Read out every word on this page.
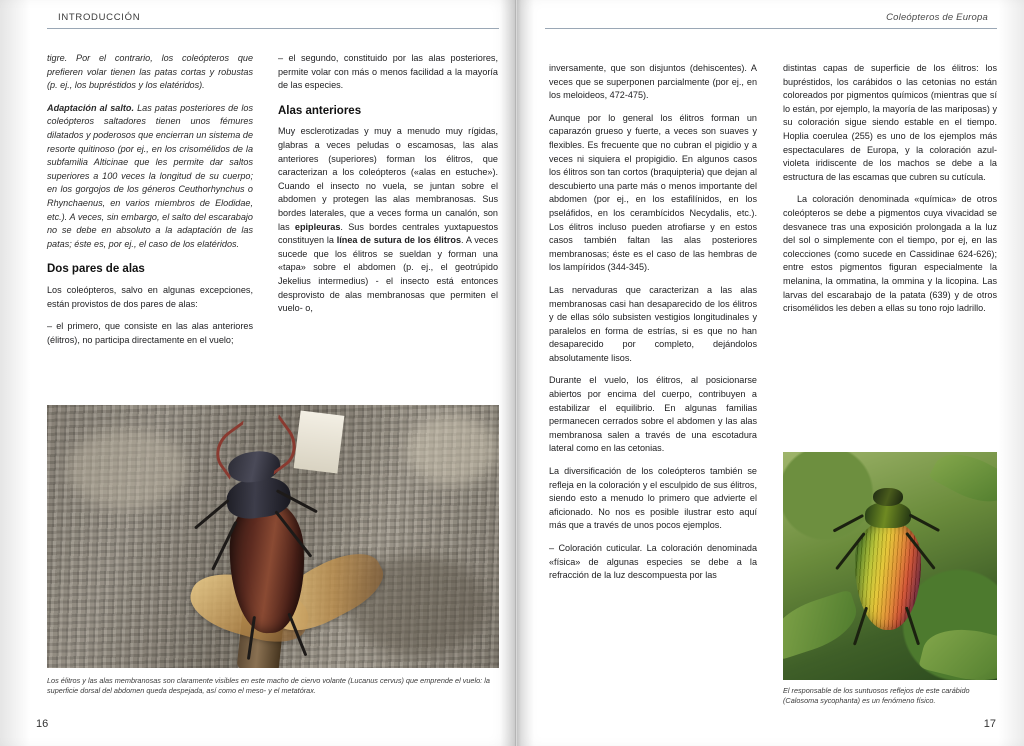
INTRODUCCIÓN	Coleópteros de Europa

tigre. Por el contrario, los coleópteros que prefieren volar tienen las patas cortas y robustas (p. ej., los bupréstidos y los elatéridos).

Adaptación al salto. Las patas posteriores de los coleópteros saltadores tienen unos fémures dilatados y poderosos que encierran un sistema de resorte quitinoso (por ej., en los crisomélidos de la subfamilia Alticinae que les permite dar saltos superiores a 100 veces la longitud de su cuerpo; en los gorgojos de los géneros Ceuthorhynchus o Rhynchaenus, en varios miembros de Elodidae, etc.). A veces, sin embargo, el salto del escarabajo no se debe en absoluto a la adaptación de las patas; éste es, por ej., el caso de los elatéridos.

Dos pares de alas

Los coleópteros, salvo en algunas excepciones, están provistos de dos pares de alas:

– el primero, que consiste en las alas anteriores (élitros), no participa directamente en el vuelo;

– el segundo, constituido por las alas posteriores, permite volar con más o menos facilidad a la mayoría de las especies.

Alas anteriores

Muy esclerotizadas y muy a menudo muy rígidas, glabras a veces peludas o escamosas, las alas anteriores (superiores) forman los élitros, que caracterizan a los coleópteros («alas en estuche»). Cuando el insecto no vuela, se juntan sobre el abdomen y protegen las alas membranosas. Sus bordes laterales, que a veces forma un canalón, son las epipleuras. Sus bordes centrales yuxtapuestos constituyen la línea de sutura de los élitros. A veces sucede que los élitros se sueldan y forman una «tapa» sobre el abdomen (p. ej., el geotrúpido Jekelius intermedius) - el insecto está entonces desprovisto de alas membranosas que permiten el vuelo- o,

Los élitros y las alas membranosas son claramente visibles en este macho de ciervo volante (Lucanus cervus) que emprende el vuelo: la superficie dorsal del abdomen queda despejada, así como el meso- y el metatórax.

inversamente, que son disjuntos (dehiscentes). A veces que se superponen parcialmente (por ej., en los meloideos, 472-475).

Aunque por lo general los élitros forman un caparazón grueso y fuerte, a veces son suaves y flexibles. Es frecuente que no cubran el pigidio y a veces ni siquiera el propigidio. En algunos casos los élitros son tan cortos (braquipteria) que dejan al descubierto una parte más o menos importante del abdomen (por ej., en los estafilínidos, en los pseláfidos, en los cerambícidos Necydalis, etc.). Los élitros incluso pueden atrofiarse y en estos casos también faltan las alas posteriores membranosas; éste es el caso de las hembras de los lampíridos (344-345).

Las nervaduras que caracterizan a las alas membranosas casi han desaparecido de los élitros y de ellas sólo subsisten vestigios longitudinales y paralelos en forma de estrías, si es que no han desaparecido por completo, dejándolos absolutamente lisos.

Durante el vuelo, los élitros, al posicionarse abiertos por encima del cuerpo, contribuyen a estabilizar el equilibrio. En algunas familias permanecen cerrados sobre el abdomen y las alas membranosa salen a través de una escotadura lateral como en las cetonias.

La diversificación de los coleópteros también se refleja en la coloración y el esculpido de sus élitros, siendo esto a menudo lo primero que advierte el aficionado. No nos es posible ilustrar esto aquí más que a través de unos pocos ejemplos.

– Coloración cuticular. La coloración denominada «física» de algunas especies se debe a la refracción de la luz descompuesta por las

distintas capas de superficie de los élitros: los bupréstidos, los carábidos o las cetonias no están coloreados por pigmentos químicos (mientras que sí lo están, por ejemplo, la mayoría de las mariposas) y su coloración sigue siendo estable en el tiempo. Hoplia coerulea (255) es uno de los ejemplos más espectaculares de Europa, y la coloración azul-violeta iridiscente de los machos se debe a la estructura de las escamas que cubren su cutícula.

La coloración denominada «química» de otros coleópteros se debe a pigmentos cuya vivacidad se desvanece tras una exposición prolongada a la luz del sol o simplemente con el tiempo, por ej, en las colecciones (como sucede en Cassidinae 624-626); entre estos pigmentos figuran especialmente la melanina, la ommatina, la ommina y la licopina. Las larvas del escarabajo de la patata (639) y de otros crisomélidos les deben a ellas su tono rojo ladrillo.

El responsable de los suntuosos reflejos de este carábido (Calosoma sycophanta) es un fenómeno físico.
16	17
